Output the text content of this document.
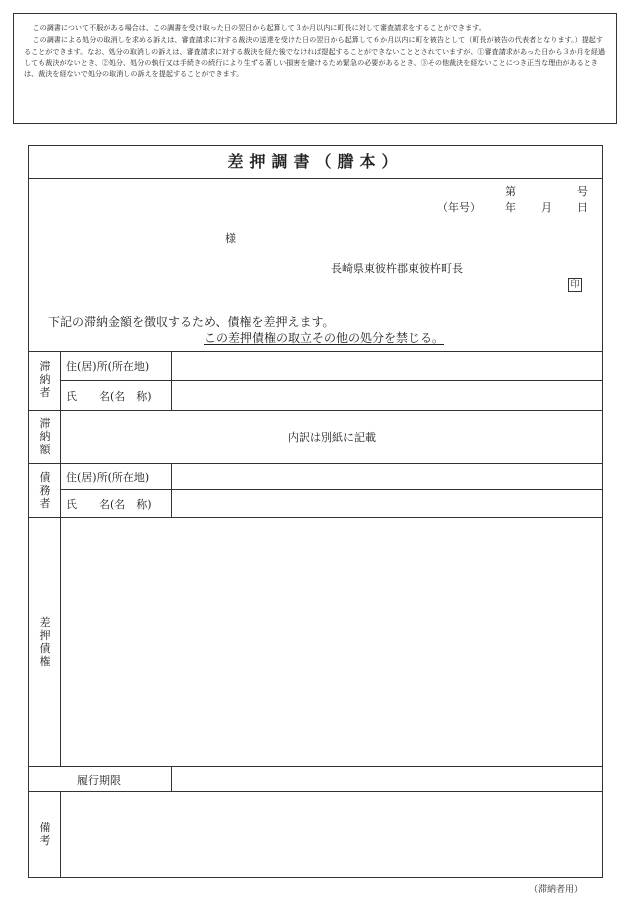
この調書について不服がある場合は、この調書を受け取った日の翌日から起算して３か月以内に町長に対して審査請求をすることができます。

この調書による処分の取消しを求める訴えは、審査請求に対する裁決の送達を受けた日の翌日から起算して６か月以内に町を被告として（町長が被告の代表者となります。）提起することができます。なお、処分の取消しの訴えは、審査請求に対する裁決を経た後でなければ提起することができないこととされていますが、①審査請求があった日から３か月を経過しても裁決がないとき、②処分、処分の執行又は手続きの続行により生ずる著しい損害を避けるため緊急の必要があるとき、③その他裁決を経ないことにつき正当な理由があるときは、裁決を経ないで処分の取消しの訴えを提起することができます。

差押調書（謄本）
第	号
（年号） 年 月 日
様
長崎県東彼杵郡東彼杵町長
印
下記の滞納金額を徴収するため、債権を差押えます。
この差押債権の取立その他の処分を禁じる。
滞納者
住(居)所(所在地)
氏　　名(名　称)
滞納額
内訳は別紙に記載
債務者
住(居)所(所在地)
氏　　名(名　称)
差押債権
履行期限
備考
（滞納者用）
